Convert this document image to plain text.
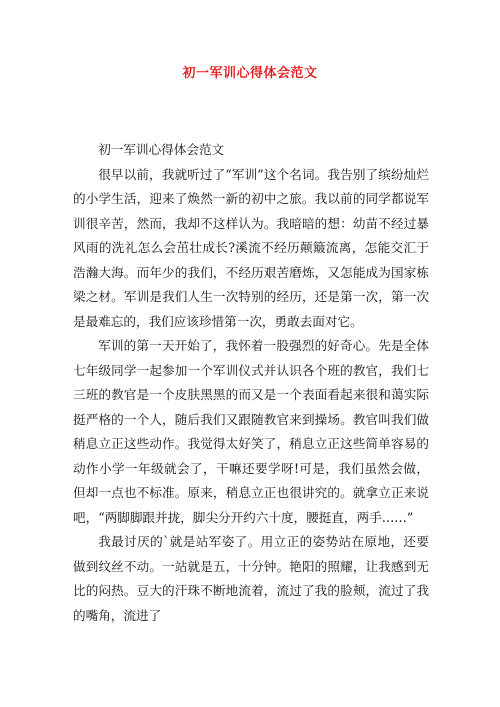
初一军训心得体会范文

初一军训心得体会范文

很早以前，我就听过了“军训”这个名词。我告别了缤纷灿烂的小学生活，迎来了焕然一新的初中之旅。我以前的同学都说军训很辛苦，然而，我却不这样认为。我暗暗的想：幼苗不经过暴风雨的洗礼怎么会茁壮成长?溪流不经历颠簸流离，怎能交汇于浩瀚大海。而年少的我们，不经历艰苦磨炼，又怎能成为国家栋梁之材。军训是我们人生一次特别的经历，还是第一次，第一次是最难忘的，我们应该珍惜第一次，勇敢去面对它。

军训的第一天开始了，我怀着一股强烈的好奇心。先是全体七年级同学一起参加一个军训仪式并认识各个班的教官，我们七三班的教官是一个皮肤黑黑的而又是一个表面看起来很和蔼实际挺严格的一个人，随后我们又跟随教官来到操场。教官叫我们做稍息立正这些动作。我觉得太好笑了，稍息立正这些简单容易的动作小学一年级就会了，干嘛还要学呀!可是，我们虽然会做，但却一点也不标准。原来，稍息立正也很讲究的。就拿立正来说吧，“两脚脚跟并拢，脚尖分开约六十度，腰挺直，两手……”

我最讨厌的`就是站军姿了。用立正的姿势站在原地，还要做到纹丝不动。一站就是五，十分钟。艳阳的照耀，让我感到无比的闷热。豆大的汗珠不断地流着，流过了我的脸颊，流过了我的嘴角，流进了
